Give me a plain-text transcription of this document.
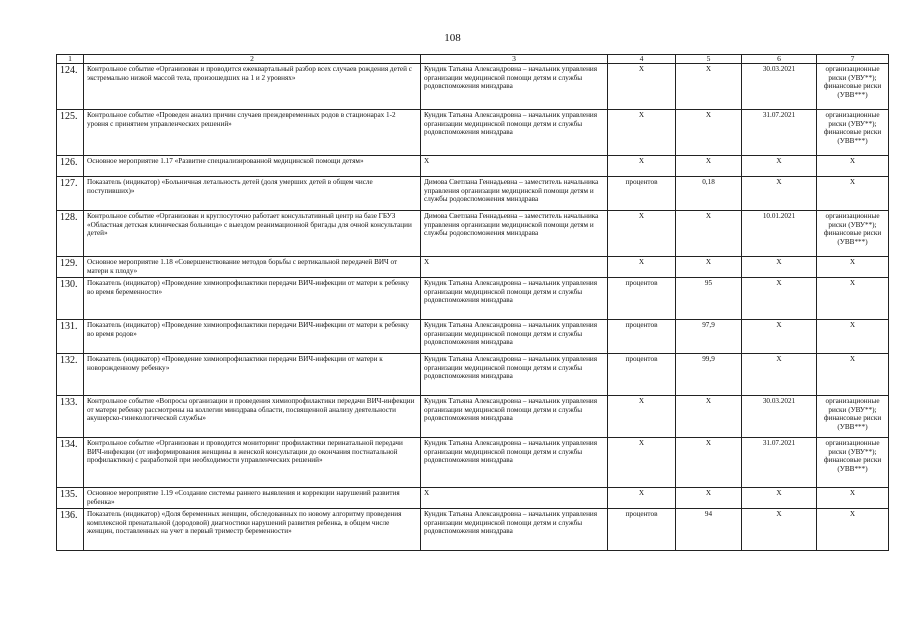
108
1	2	3	4	5	6	7
124.	Контрольное событие «Организован и проводится ежеквартальный разбор всех случаев рождения детей с экстремально низкой массой тела, произошедших на 1 и 2 уровнях»	Кундик Татьяна Александровна – начальник управления организации медицинской помощи детям и службы родовспоможения минздрава	X	X	30.03.2021	организационные риски (УВУ**); финансовые риски (УВВ***)
125.	Контрольное событие «Проведен анализ причин случаев преждевременных родов в стационарах 1-2 уровня с принятием управленческих решений»	Кундик Татьяна Александровна – начальник управления организации медицинской помощи детям и службы родовспоможения минздрава	X	X	31.07.2021	организационные риски (УВУ**); финансовые риски (УВВ***)
126.	Основное мероприятие 1.17 «Развитие специализированной медицинской помощи детям»	X	X	X	X	X
127.	Показатель (индикатор) «Больничная летальность детей (доля умерших детей в общем числе поступивших)»	Димова Светлана Геннадьевна – заместитель начальника управления организации медицинской помощи детям и службы родовспоможения минздрава	процентов	0,18	X	X
128.	Контрольное событие «Организован и круглосуточно работает консультативный центр на базе ГБУЗ «Областная детская клиническая больница» с выездом реанимационной бригады для очной консультации детей»	Димова Светлана Геннадьевна – заместитель начальника управления организации медицинской помощи детям и службы родовспоможения минздрава	X	X	10.01.2021	организационные риски (УВУ**); финансовые риски (УВВ***)
129.	Основное мероприятие 1.18 «Совершенствование методов борьбы с вертикальной передачей ВИЧ от матери к плоду»	X	X	X	X	X
130.	Показатель (индикатор) «Проведение химиопрофилактики передачи ВИЧ-инфекции от матери к ребенку во время беременности»	Кундик Татьяна Александровна – начальник управления организации медицинской помощи детям и службы родовспоможения минздрава	процентов	95	X	X
131.	Показатель (индикатор) «Проведение химиопрофилактики передачи ВИЧ-инфекции от матери к ребенку во время родов»	Кундик Татьяна Александровна – начальник управления организации медицинской помощи детям и службы родовспоможения минздрава	процентов	97,9	X	X
132.	Показатель (индикатор) «Проведение химиопрофилактики передачи ВИЧ-инфекции от матери к новорожденному ребенку»	Кундик Татьяна Александровна – начальник управления организации медицинской помощи детям и службы родовспоможения минздрава	процентов	99,9	X	X
133.	Контрольное событие «Вопросы организации и проведения химиопрофилактики передачи ВИЧ-инфекции от матери ребенку рассмотрены на коллегии минздрава области, посвященной анализу деятельности акушерско-гинекологической службы»	Кундик Татьяна Александровна – начальник управления организации медицинской помощи детям и службы родовспоможения минздрава	X	X	30.03.2021	организационные риски (УВУ**); финансовые риски (УВВ***)
134.	Контрольное событие «Организован и проводится мониторинг профилактики перинатальной передачи ВИЧ-инфекции (от информирования женщины в женской консультации до окончания постнатальной профилактики) с разработкой при необходимости управленческих решений»	Кундик Татьяна Александровна – начальник управления организации медицинской помощи детям и службы родовспоможения минздрава	X	X	31.07.2021	организационные риски (УВУ**); финансовые риски (УВВ***)
135.	Основное мероприятие 1.19 «Создание системы раннего выявления и коррекции нарушений развития ребенка»	X	X	X	X	X
136.	Показатель (индикатор) «Доля беременных женщин, обследованных по новому алгоритму проведения комплексной пренатальной (дородовой) диагностики нарушений развития ребенка, в общем числе женщин, поставленных на учет в первый триместр беременности»	Кундик Татьяна Александровна – начальник управления организации медицинской помощи детям и службы родовспоможения минздрава	процентов	94	X	X
